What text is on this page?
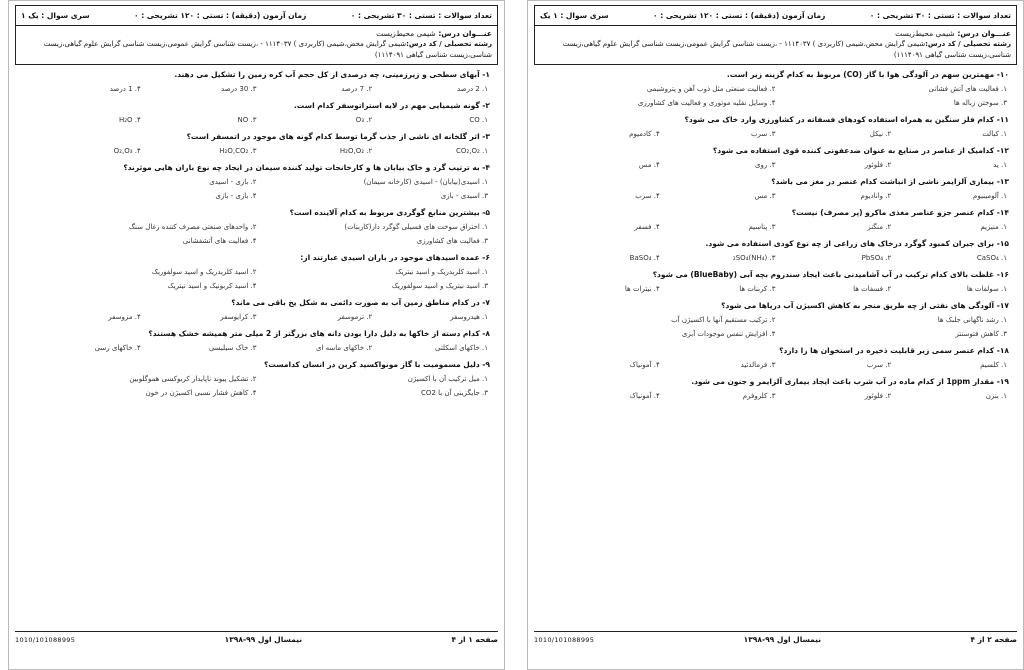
تعداد سوالات : تستی : ۳۰ تشریحی : ۰
زمان آزمون (دقیقه) : تستی : ۱۲۰ تشریحی : ۰
سری سوال : یک ۱
عنـــوان درس: شیمی محیط‌زیست
رشته تحصیلی / کد درس:شیمی گرایش محض،شیمی (کاربردی ) ۱۱۱۴۰۳۷ - ،زیست شناسی گرایش عمومی،زیست شناسی گرایش علوم گیاهی،زیست شناسی،زیست شناسی گیاهی ۱۱۱۴۰۹۱)
۱- آبهای سطحی و زیرزمینی، چه درصدی از کل حجم آب کره زمین را تشکیل می دهند.
۱. 2 درصد
۲. 7 درصد
۳. 30 درصد
۴. 1 درصد
۲- گونه شیمیایی مهم در لایه استراتوسفر کدام است.
۱. CO
۲. O₃
۳. NO
۴. H₂O
۳- اثر گلخانه ای ناشی از جذب گرما توسط کدام گونه های موجود در اتمسفر است؟
۱. CO₂,O₂
۲. H₂O,O₂
۳. H₂O,CO₂
۴. O₂,O₃
۴- به ترتیب گرد و خاک بیابان ها و کارخانجات تولید کننده سیمان در ایجاد چه نوع باران هایی موثرند؟
۱. اسیدی(بیابان) - اسیدی (کارخانه سیمان)
۲. بازی - اسیدی
۳. اسیدی - بازی
۴. بازی - بازی
۵- بیشترین منابع گوگردی مربوط به کدام آلاینده است؟
۱. احتراق سوخت های فسیلی گوگرد دار(کاربنات)
۲. واحدهای صنعتی مصرف کننده زغال سنگ
۳. فعالیت های کشاورزی
۴. فعالیت های آتشفشانی
۶- عمده اسیدهای موجود در باران اسیدی عبارتند از:
۱. اسید کلریدریک و اسید نیتریک
۲. اسید کلریدریک و اسید سولفوریک
۳. اسید نیتریک و اسید سولفوریک
۴. اسید کربونیک و اسید نیتریک
۷- در کدام مناطق زمین آب به صورت دائمی به شکل یخ باقی می ماند؟
۱. هیدروسفر
۲. ترموسفر
۳. کرایوسفر
۴. مزوسفر
۸- کدام دسته از خاکها به دلیل دارا بودن دانه های بزرگتر از 2 میلی متر همیشه خشک هستند؟
۱. خاکهای اسکلتی
۲. خاکهای ماسه ای
۳. خاک سیلیسی
۴. خاکهای رسی
۹- دلیل مسمومیت با گاز مونواکسید کربن در انسان کدامست؟
۱. میل ترکیب آن با اکسیژن
۲. تشکیل پیوند ناپایدار کربوکسی هموگلوبین
۳. جایگزینی آن با CO2
۴. کاهش فشار نسبی اکسیژن در خون
صفحه ۱ از ۴
نیمسال اول ۹۹-۱۳۹۸
1010/101088995
تعداد سوالات : تستی : ۳۰ تشریحی : ۰
زمان آزمون (دقیقه) : تستی : ۱۲۰ تشریحی : ۰
سری سوال : ۱ یک
عنـــوان درس: شیمی محیط‌زیست
رشته تحصیلی / کد درس:شیمی گرایش محض،شیمی (کاربردی ) ۱۱۱۴۰۳۷ - ،زیست شناسی گرایش عمومی،زیست شناسی گرایش علوم گیاهی،زیست شناسی،زیست شناسی گیاهی ۱۱۱۴۰۹۱)
۱۰- مهمترین سهم در آلودگی هوا با گاز (CO) مربوط به کدام گزینه زیر است.
۱. فعالیت های آتش فشانی
۲. فعالیت صنعتی مثل ذوب آهن و پتروشیمی
۳. سوختن زباله ها
۴. وسایل نقلیه موتوری و فعالیت های کشاورزی
۱۱- کدام فلز سنگین به همراه استفاده کودهای فسفاته در کشاورزی وارد خاک می شود؟
۱. کبالت
۲. نیکل
۳. سرب
۴. کادمیوم
۱۲- کدامیک از عناصر در صنایع به عنوان ضدعفونی کننده قوی استفاده می شود؟
۱. ید
۲. فلوئور
۳. روی
۴. مس
۱۳- بیماری آلزایمر ناشی از انباشت کدام عنصر در مغز می باشد؟
۱. آلومینیوم
۲. وانادیوم
۳. مس
۴. سرب
۱۴- کدام عنصر جزو عناصر مغذی ماکرو (پر مصرف) نیست؟
۱. منیزیم
۲. منگنز
۳. پتاسیم
۴. فسفر
۱۵- برای جبران کمبود گوگرد درخاک های زراعی از چه نوع کودی استفاده می شود.
۱. CaSO₄
۲. PbSO₄
۳. (NH₄)₂SO₄
۴. BaSO₄
۱۶- غلظت بالای کدام ترکیب در آب آشامیدنی باعث ایجاد سندروم بچه آبی (BlueBaby) می شود؟
۱. سولفات ها
۲. فسفات ها
۳. کربنات ها
۴. نیترات ها
۱۷- آلودگی های نفتی از چه طریق منجر به کاهش اکسیژن آب دریاها می شود؟
۱. رشد ناگهانی جلبک ها
۲. ترکیب مستقیم آنها با اکسیژن آب
۳. کاهش فتوسنتز
۴. افزایش تنفس موجودات آبزی
۱۸- کدام عنصر سمی زیر قابلیت ذخیره در استخوان ها را دارد؟
۱. کلسیم
۲. سرب
۳. فرمالدئید
۴. آمونیاک
۱۹- مقدار 1ppm از کدام ماده در آب شرب باعث ایجاد بیماری آلزایمر و جنون می شود.
۱. بنزن
۲. فلوئور
۳. کلروفرم
۴. آمونیاک
صفحه ۲ از ۴
نیمسال اول ۹۹-۱۳۹۸
1010/101088995
